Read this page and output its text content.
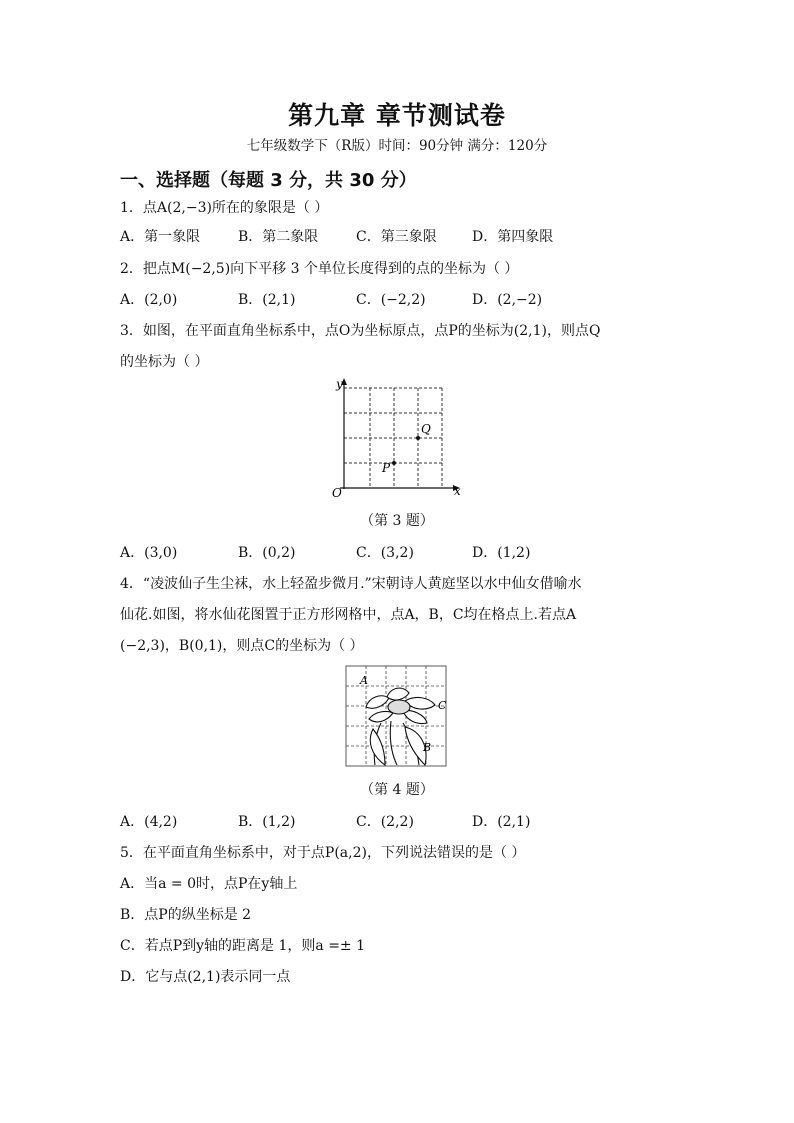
第九章 章节测试卷
七年级数学下（R版）时间：90分钟 满分：120分
一、选择题（每题 3 分，共 30 分）
1．点A(2,−3)所在的象限是（ ）
A．第一象限	B．第二象限	C．第三象限	D．第四象限
2．把点M(−2,5)向下平移 3 个单位长度得到的点的坐标为（ ）
A．(2,0)	B．(2,1)	C．(−2,2)	D．(2,−2)
3．如图，在平面直角坐标系中，点O为坐标原点，点P的坐标为(2,1)，则点Q
的坐标为（ ）
y
x
O
P
Q
（第 3 题）
A．(3,0)	B．(0,2)	C．(3,2)	D．(1,2)
4．“凌波仙子生尘袜，水上轻盈步微月.”宋朝诗人黄庭坚以水中仙女借喻水
仙花.如图，将水仙花图置于正方形网格中，点A，B，C均在格点上.若点A
(−2,3)，B(0,1)，则点C的坐标为（ ）
A
B
C
（第 4 题）
A．(4,2)	B．(1,2)	C．(2,2)	D．(2,1)
5．在平面直角坐标系中，对于点P(a,2)，下列说法错误的是（ ）
A．当a = 0时，点P在y轴上
B．点P的纵坐标是 2
C．若点P到y轴的距离是 1，则a =± 1
D．它与点(2,1)表示同一点
